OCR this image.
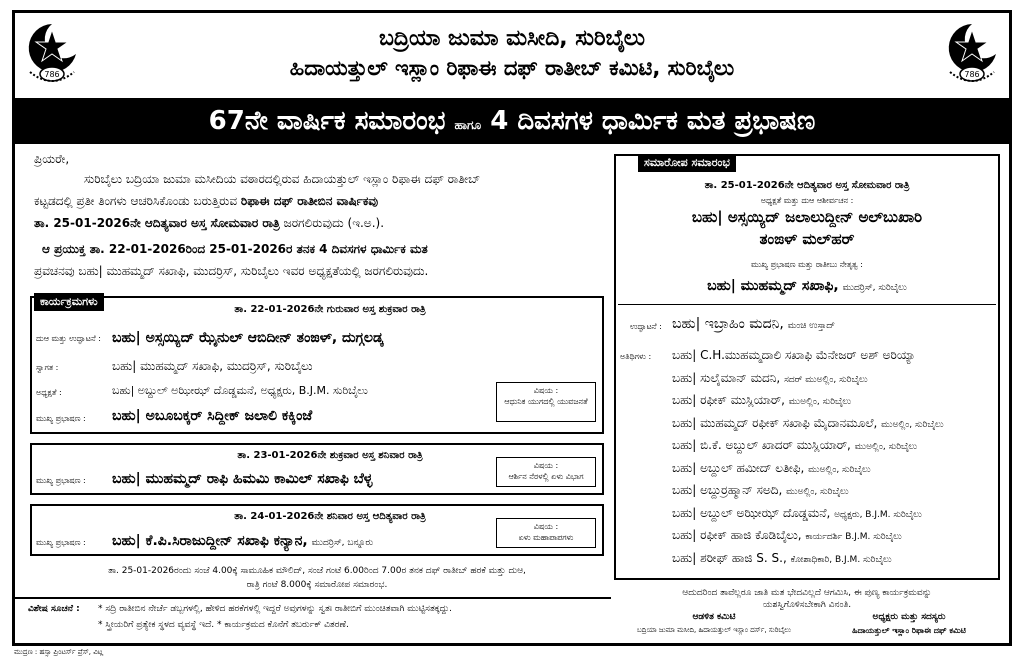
786	786
ಬದ್ರಿಯಾ ಜುಮಾ ಮಸೀದಿ, ಸುರಿಬೈಲು
ಹಿದಾಯತ್ತುಲ್ ಇಸ್ಲಾಂ ರಿಫಾಈ ದಫ್ ರಾತೀಬ್ ಕಮಿಟಿ, ಸುರಿಬೈಲು
67ನೇ ವಾರ್ಷಿಕ ಸಮಾರಂಭ ಹಾಗೂ 4 ದಿವಸಗಳ ಧಾರ್ಮಿಕ ಮತ ಪ್ರಭಾಷಣ
ಪ್ರಿಯರೇ,
ಸುರಿಬೈಲು ಬದ್ರಿಯಾ ಜುಮಾ ಮಸೀದಿಯ ವಠಾರದಲ್ಲಿರುವ ಹಿದಾಯತ್ತುಲ್ ಇಸ್ಲಾಂ ರಿಫಾಈ ದಫ್ ರಾತೀಬ್
ಕಟ್ಟಡದಲ್ಲಿ ಪ್ರತೀ ತಿಂಗಳು ಆಚರಿಸಿಕೊಂಡು ಬರುತ್ತಿರುವ ರಿಫಾಈ ದಫ್ ರಾತೀಬಿನ ವಾರ್ಷಿಕವು
ತಾ. 25-01-2026ನೇ ಆದಿತ್ಯವಾರ ಅಸ್ತ ಸೋಮವಾರ ರಾತ್ರಿ ಜರಗಲಿರುವುದು (ಇ.ಅ.).
ಆ ಪ್ರಯುಕ್ತ ತಾ. 22-01-2026ರಿಂದ 25-01-2026ರ ತನಕ 4 ದಿವಸಗಳ ಧಾರ್ಮಿಕ ಮತ
ಪ್ರವಚನವು ಬಹು| ಮುಹಮ್ಮದ್ ಸಖಾಫಿ, ಮುದರ್ರಿಸ್, ಸುರಿಬೈಲು ಇವರ ಅಧ್ಯಕ್ಷತೆಯಲ್ಲಿ ಜರಗಲಿರುವುದು.
ಕಾರ್ಯಕ್ರಮಗಳು
ತಾ. 22-01-2026ನೇ ಗುರುವಾರ ಅಸ್ತ ಶುಕ್ರವಾರ ರಾತ್ರಿ
ದುಆ ಮತ್ತು ಉದ್ಘಾಟನೆ : ಬಹು| ಅಸ್ಸಯ್ಯಿದ್ ಝೈನುಲ್ ಆಬಿದೀನ್ ತಂಙಳ್, ದುಗ್ಗಲಡ್ಕ
ಸ್ವಾಗತ :	ಬಹು| ಮುಹಮ್ಮದ್ ಸಖಾಫಿ, ಮುದರ್ರಿಸ್, ಸುರಿಬೈಲು
ಅಧ್ಯಕ್ಷತೆ :	ಬಹು| ಅಬ್ದುಲ್ ಅಝೀಝ್ ದೊಡ್ಡಮನೆ, ಅಧ್ಯಕ್ಷರು, B.J.M. ಸುರಿಬೈಲು
ಮುಖ್ಯ ಪ್ರಭಾಷಣ : ಬಹು| ಅಬೂಬಕ್ಕರ್ ಸಿದ್ದೀಕ್ ಜಲಾಲಿ ಕಕ್ಕಿಂಜೆ
ವಿಷಯ :
ಆಧುನಿಕ ಯುಗದಲ್ಲಿ ಯುವಜನತೆ
ತಾ. 23-01-2026ನೇ ಶುಕ್ರವಾರ ಅಸ್ತ ಶನಿವಾರ ರಾತ್ರಿ
ಮುಖ್ಯ ಪ್ರಭಾಷಣ : ಬಹು| ಮುಹಮ್ಮದ್ ರಾಫಿ ಹಿಮಮಿ ಕಾಮಿಲ್ ಸಖಾಫಿ ಬೆಳ್ಳ
ವಿಷಯ :
ಆರ್ಶಿನ ನೆರಳಲ್ಲಿ ಏಳು ವಿಭಾಗ
ತಾ. 24-01-2026ನೇ ಶನಿವಾರ ಅಸ್ತ ಆದಿತ್ಯವಾರ ರಾತ್ರಿ
ಮುಖ್ಯ ಪ್ರಭಾಷಣ : ಬಹು| ಕೆ.ಪಿ.ಸಿರಾಜುದ್ದೀನ್ ಸಖಾಫಿ ಕನ್ಯಾನ, ಮುದರ್ರಿಸ್, ಬನ್ನೂರು
ವಿಷಯ :
ಏಳು ಮಹಾಪಾಪಗಳು
ತಾ. 25-01-2026ರಂದು ಸಂಜೆ 4.00ಕ್ಕೆ ಸಾಮೂಹಿಕ ಮೌಲಿದ್, ಸಂಜೆ ಗಂಟೆ 6.00ರಿಂದ 7.00ರ ತನಕ ದಫ್ ರಾತೀಬ್ ಹರಕೆ ಮತ್ತು ದುಆ,
ರಾತ್ರಿ ಗಂಟೆ 8.000ಕ್ಕೆ ಸಮಾರೋಪ ಸಮಾರಂಭ.
ವಿಶೇಷ ಸೂಚನೆ : * ಸದ್ರಿ ರಾತೀಬಿನ ನೇರ್ಚೆ ಡಬ್ಬಗಳಲ್ಲಿ, ಹೇಳಿದ ಹರಕೆಗಳಲ್ಲಿ ಇದ್ದರೆ ಅವುಗಳನ್ನು ಸ್ವತಃ ರಾತೀಬಿಗೆ ಮುಂಚಿತವಾಗಿ ಮುಟ್ಟಿಸತಕ್ಕದ್ದು.
* ಸ್ತ್ರೀಯರಿಗೆ ಪ್ರತ್ಯೇಕ ಸ್ಥಳದ ವ್ಯವಸ್ಥೆ ಇದೆ. * ಕಾರ್ಯಕ್ರಮದ ಕೊನೆಗೆ ತಬರ್ರುಕ್ ವಿತರಣೆ.
ಸಮಾರೋಪ ಸಮಾರಂಭ
ತಾ. 25-01-2026ನೇ ಆದಿತ್ಯವಾರ ಅಸ್ತ ಸೋಮವಾರ ರಾತ್ರಿ
ಅಧ್ಯಕ್ಷತೆ ಮತ್ತು ದುಆ ಆಶೀರ್ವಚನ :
ಬಹು| ಅಸ್ಸಯ್ಯಿದ್ ಜಲಾಲುದ್ದೀನ್ ಅಲ್‌ಬುಖಾರಿ
ತಂಙಳ್ ಮಲ್‌ಹರ್
ಮುಖ್ಯ ಪ್ರಭಾಷಣ ಮತ್ತು ರಾತೀಬು ನೇತೃತ್ವ :
ಬಹು| ಮುಹಮ್ಮದ್ ಸಖಾಫಿ, ಮುದರ್ರಿಸ್, ಸುರಿಬೈಲು
ಉದ್ಘಾಟನೆ : ಬಹು| ಇಬ್ರಾಹಿಂ ಮದನಿ, ಮಂಚಿ ಉಸ್ತಾದ್
ಅತಿಥಿಗಳು : ಬಹು| C.H.ಮುಹಮ್ಮದಾಲಿ ಸಖಾಫಿ ಮೆನೇಜರ್ ಅಶ್‌ ಅರಿಯ್ಯಾ
ಬಹು| ಸುಲೈಮಾನ್ ಮದನಿ, ಸದರ್ ಮುಅಲ್ಲಿಂ, ಸುರಿಬೈಲು
ಬಹು| ರಫೀಕ್ ಮುಸ್ಲಿಯಾರ್, ಮುಅಲ್ಲಿಂ, ಸುರಿಬೈಲು
ಬಹು| ಮುಹಮ್ಮದ್ ರಫೀಕ್ ಸಖಾಫಿ ಮೈದಾನಮೂಲೆ, ಮುಅಲ್ಲಿಂ, ಸುರಿಬೈಲು
ಬಹು| ಬಿ.ಕೆ. ಅಬ್ದುಲ್ ಖಾದರ್ ಮುಸ್ಲಿಯಾರ್, ಮುಅಲ್ಲಿಂ, ಸುರಿಬೈಲು
ಬಹು| ಅಬ್ದುಲ್ ಹಮೀದ್ ಲತೀಫಿ, ಮುಅಲ್ಲಿಂ, ಸುರಿಬೈಲು
ಬಹು| ಅಬ್ದುರ್ರಹ್ಮಾನ್ ಸಅದಿ, ಮುಅಲ್ಲಿಂ, ಸುರಿಬೈಲು
ಬಹು| ಅಬ್ದುಲ್ ಅಝೀಝ್ ದೊಡ್ಡಮನೆ, ಅಧ್ಯಕ್ಷರು, B.J.M. ಸುರಿಬೈಲು
ಬಹು| ರಫೀಕ್ ಹಾಜಿ ಕೊಡಿಬೈಲು, ಕಾರ್ಯದರ್ಶಿ B.J.M. ಸುರಿಬೈಲು
ಬಹು| ಶರೀಫ್ ಹಾಜಿ S. S., ಕೋಶಾಧಿಕಾರಿ, B.J.M. ಸುರಿಬೈಲು
ಆದುದರಿಂದ ತಾವೆಲ್ಲರೂ ಜಾತಿ ಮತ ಭೇದವಿಲ್ಲದೆ ಆಗಮಿಸಿ, ಈ ಪುಣ್ಯ ಕಾರ್ಯಕ್ರಮವನ್ನು
ಯಶಸ್ವಿಗೊಳಿಸಬೇಕಾಗಿ ವಿನಂತಿ.
ಆಡಳಿತ ಕಮಿಟಿ
ಬದ್ರಿಯಾ ಜುಮಾ ಮಸೀದಿ, ಹಿದಾಯತ್ತುಲ್ ಇಸ್ಲಾಂ ದರ್ಸ್, ಸುರಿಬೈಲು
ಅಧ್ಯಕ್ಷರು ಮತ್ತು ಸದಸ್ಯರು
ಹಿದಾಯತ್ತುಲ್ ಇಸ್ಲಾಂ ರಿಫಾಈ ದಫ್ ಕಮಿಟಿ
ಮುದ್ರಣ : ಹಸ್ಸಾ ಪ್ರಿಂಟರ್ಸ್ ಪ್ರೆಸ್, ವಿಟ್ಲ
